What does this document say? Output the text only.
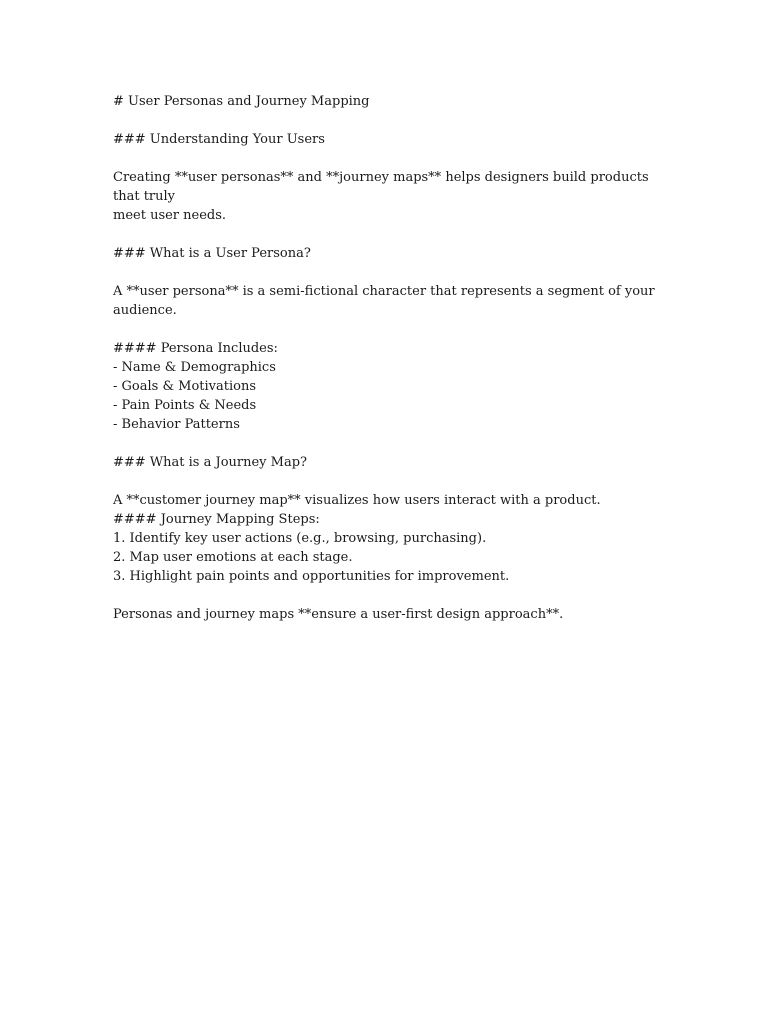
# User Personas and Journey Mapping
### Understanding Your Users
Creating **user personas** and **journey maps** helps designers build products that truly
meet user needs.
### What is a User Persona?
A **user persona** is a semi-fictional character that represents a segment of your audience.
#### Persona Includes:
- Name & Demographics
- Goals & Motivations
- Pain Points & Needs
- Behavior Patterns
### What is a Journey Map?
A **customer journey map** visualizes how users interact with a product.
#### Journey Mapping Steps:
1. Identify key user actions (e.g., browsing, purchasing).
2. Map user emotions at each stage.
3. Highlight pain points and opportunities for improvement.
Personas and journey maps **ensure a user-first design approach**.
